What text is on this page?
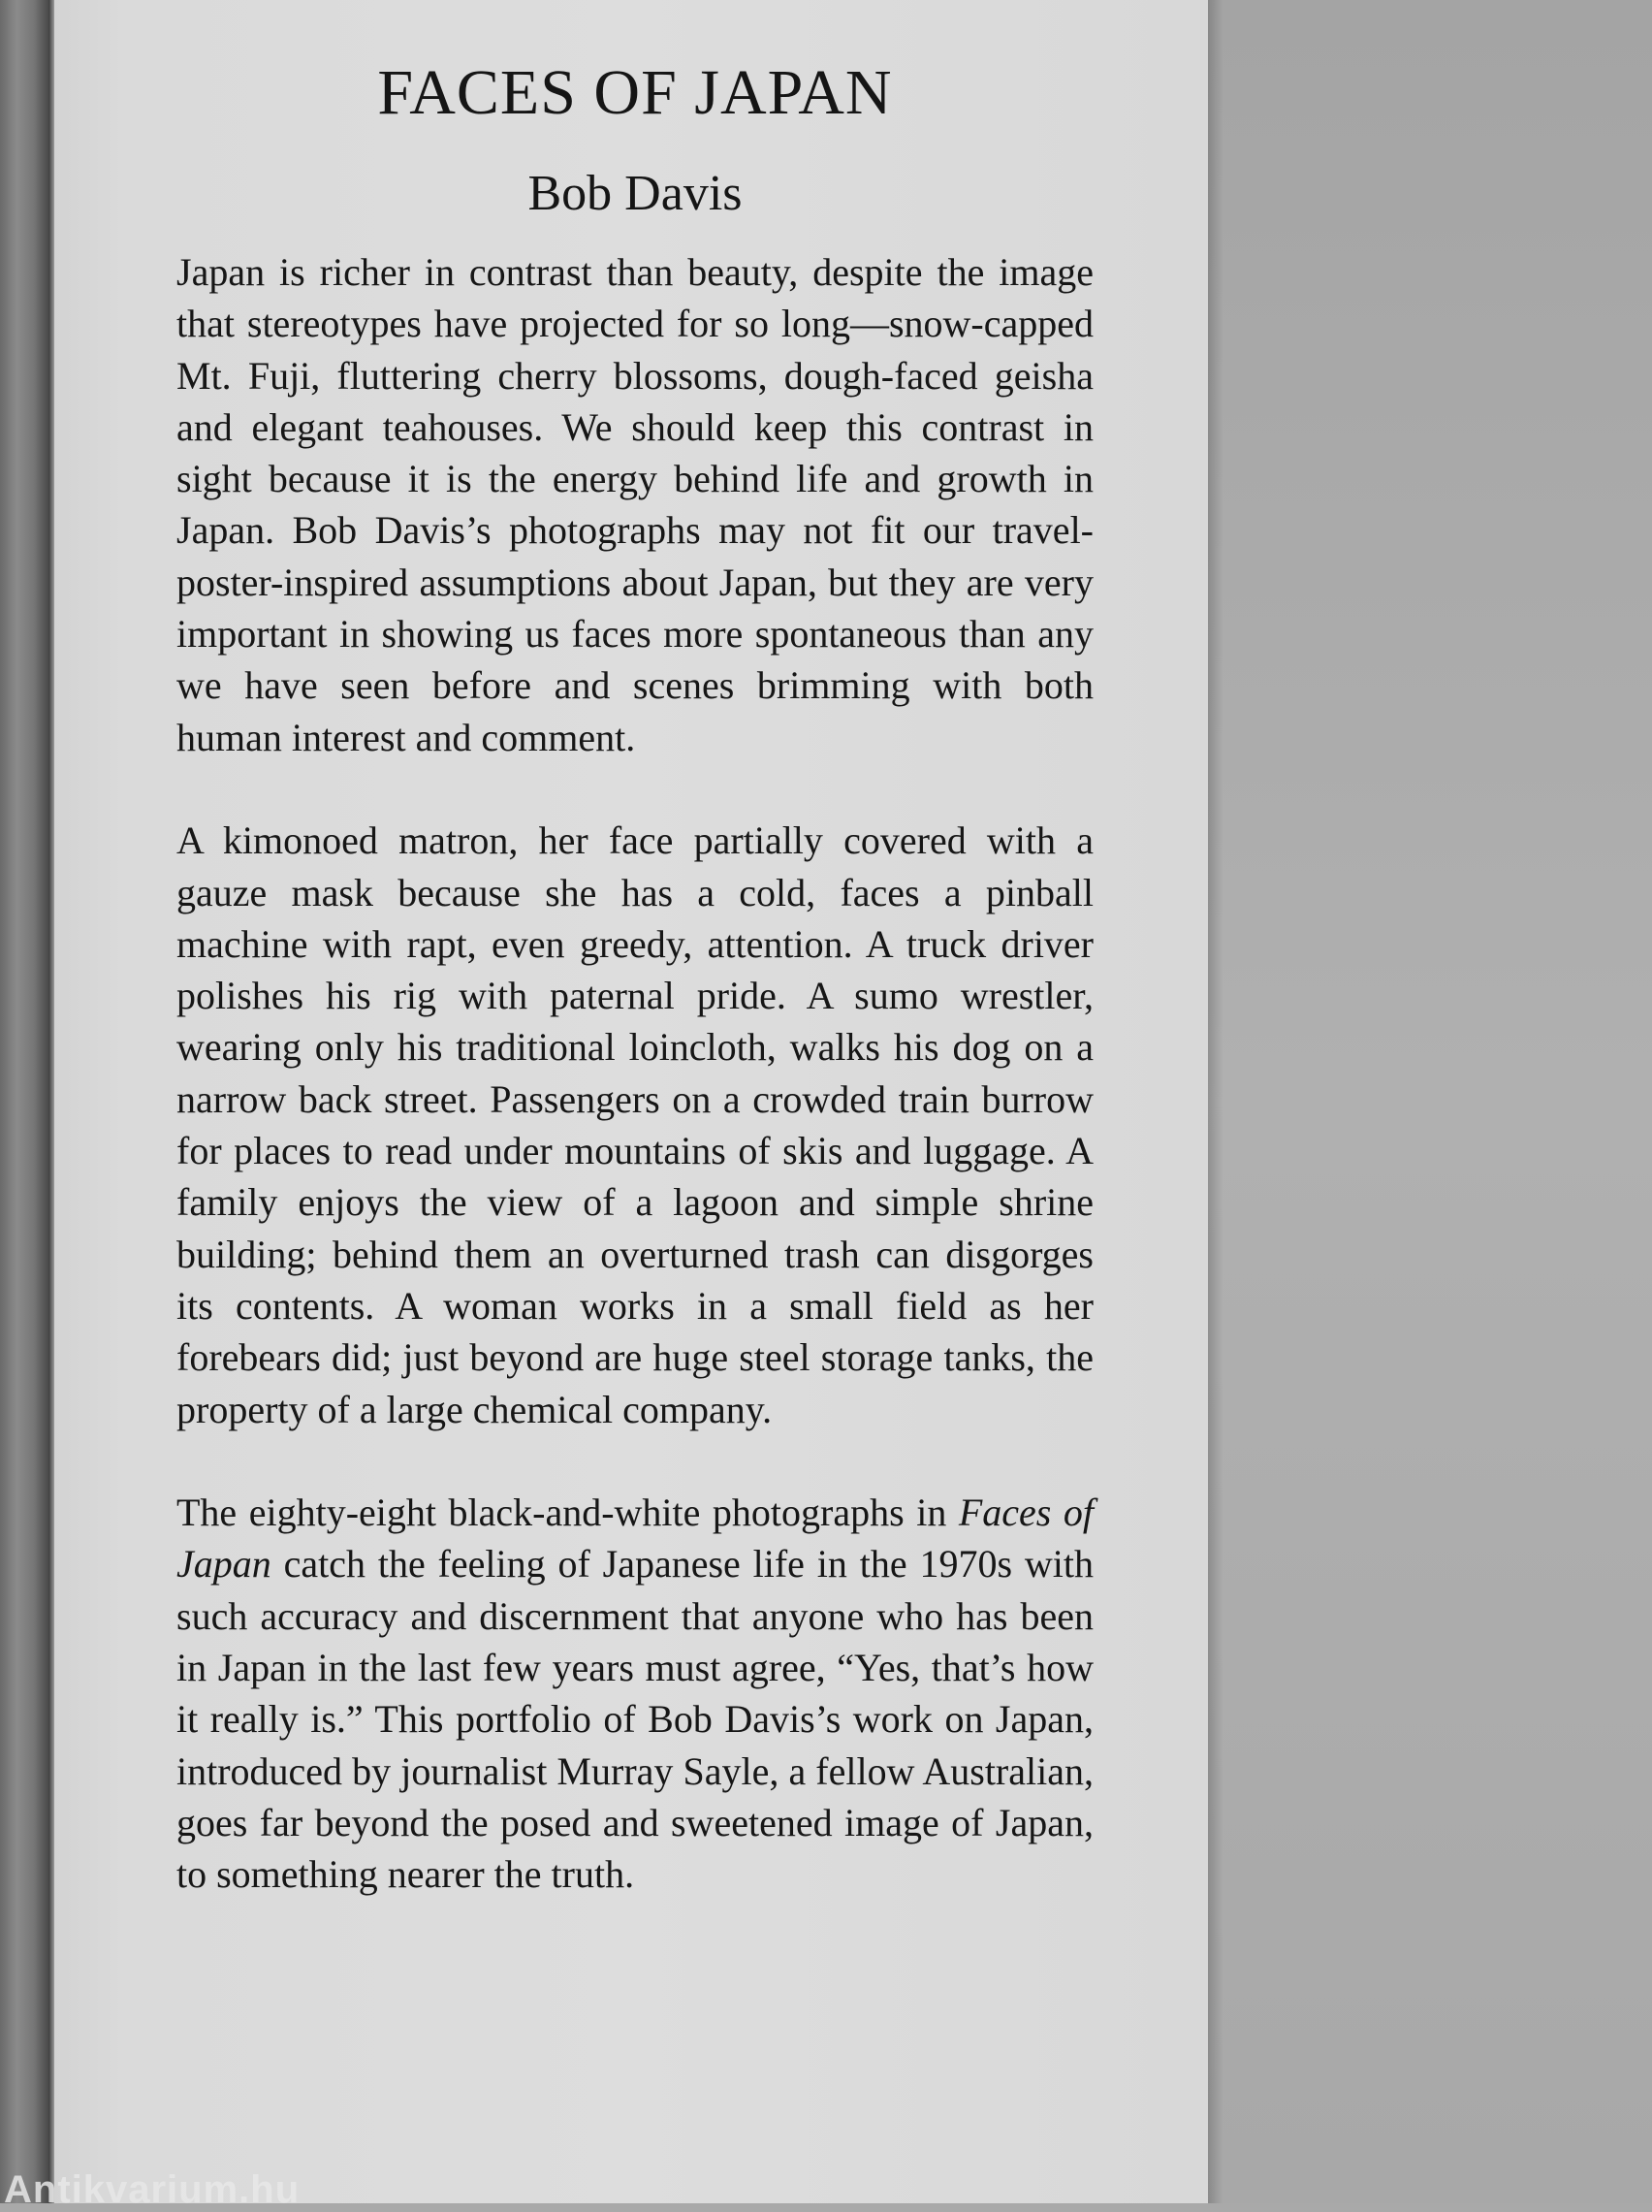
FACES OF JAPAN
Bob Davis

Japan is richer in contrast than beauty, despite the image that stereotypes have projected for so long—snow-capped Mt. Fuji, fluttering cherry blossoms, dough-faced geisha and elegant teahouses. We should keep this contrast in sight because it is the energy behind life and growth in Japan. Bob Davis’s photographs may not fit our travel-poster-inspired assumptions about Japan, but they are very important in showing us faces more spontaneous than any we have seen before and scenes brimming with both human interest and comment.

A kimonoed matron, her face partially covered with a gauze mask because she has a cold, faces a pinball machine with rapt, even greedy, attention. A truck driver polishes his rig with paternal pride. A sumo wrestler, wearing only his traditional loincloth, walks his dog on a narrow back street. Passengers on a crowded train burrow for places to read under mountains of skis and luggage. A family enjoys the view of a lagoon and simple shrine building; behind them an overturned trash can disgorges its contents. A woman works in a small field as her forebears did; just beyond are huge steel storage tanks, the property of a large chemical company.

The eighty-eight black-and-white photographs in Faces of Japan catch the feeling of Japanese life in the 1970s with such accuracy and discernment that anyone who has been in Japan in the last few years must agree, “Yes, that’s how it really is.” This portfolio of Bob Davis’s work on Japan, introduced by journalist Murray Sayle, a fellow Australian, goes far beyond the posed and sweetened image of Japan, to something nearer the truth.

Antikvarium.hu
